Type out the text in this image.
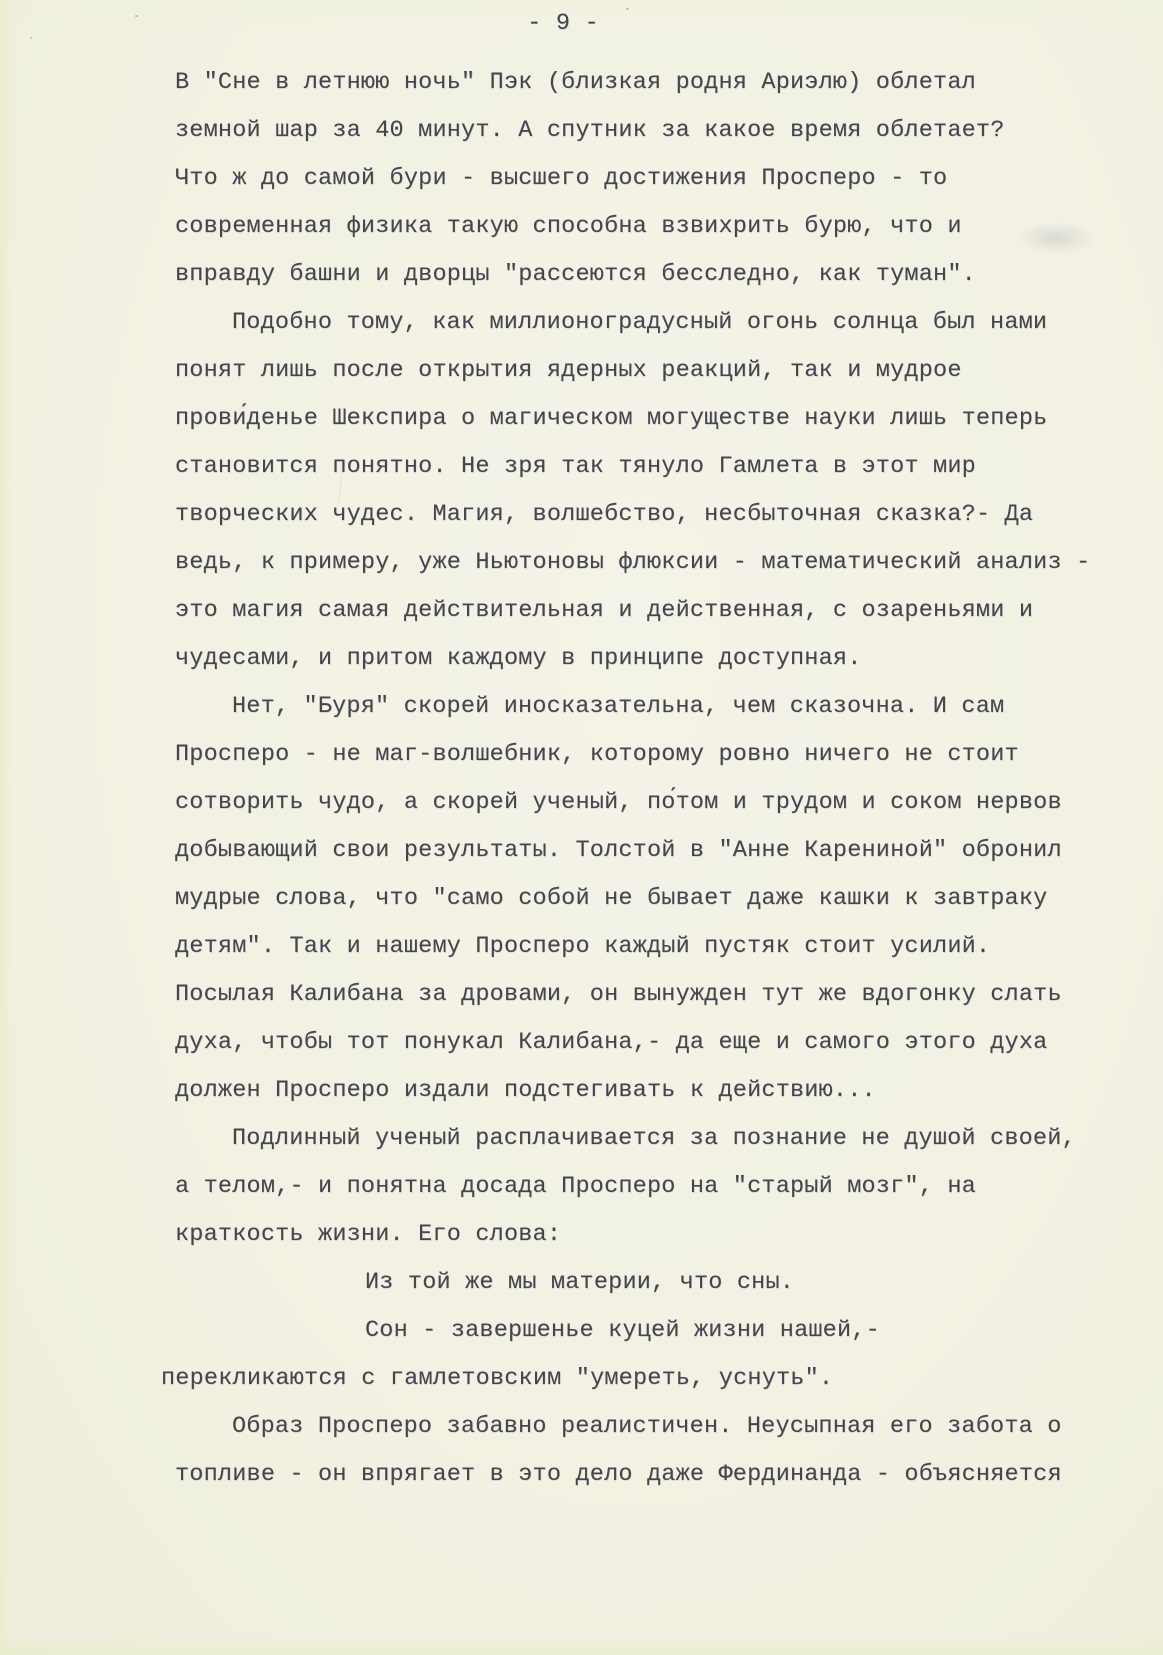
- 9 -
В "Сне в летнюю ночь" Пэк (близкая родня Ариэлю) облетал
земной шар за 40 минут. А спутник за какое время облетает?
Что ж до самой бури - высшего достижения Просперо - то
современная физика такую способна взвихрить бурю, что и
вправду башни и дворцы "рассеются бесследно, как туман".
Подобно тому, как миллионоградусный огонь солнца был нами
понят лишь после открытия ядерных реакций, так и мудрое
прови́денье Шекспира о магическом могуществе науки лишь теперь
становится понятно. Не зря так тянуло Гамлета в этот мир
творческих чудес. Магия, волшебство, несбыточная сказка?- Да
ведь, к примеру, уже Ньютоновы флюксии - математический анализ -
это магия самая действительная и действенная, с озареньями и
чудесами, и притом каждому в принципе доступная.
Нет, "Буря" скорей иносказательна, чем сказочна. И сам
Просперо - не маг-волшебник, которому ровно ничего не стоит
сотворить чудо, а скорей ученый, по́том и трудом и соком нервов
добывающий свои результаты. Толстой в "Анне Карениной" обронил
мудрые слова, что "само собой не бывает даже кашки к завтраку
детям". Так и нашему Просперо каждый пустяк стоит усилий.
Посылая Калибана за дровами, он вынужден тут же вдогонку слать
духа, чтобы тот понукал Калибана,- да еще и самого этого духа
должен Просперо издали подстегивать к действию...
Подлинный ученый расплачивается за познание не душой своей,
а телом,- и понятна досада Просперо на "старый мозг", на
краткость жизни. Его слова:
Из той же мы материи, что сны.
Сон - завершенье куцей жизни нашей,-
перекликаются с гамлетовским "умереть, уснуть".
Образ Просперо забавно реалистичен. Неусыпная его забота о
топливе - он впрягает в это дело даже Фердинанда - объясняется
